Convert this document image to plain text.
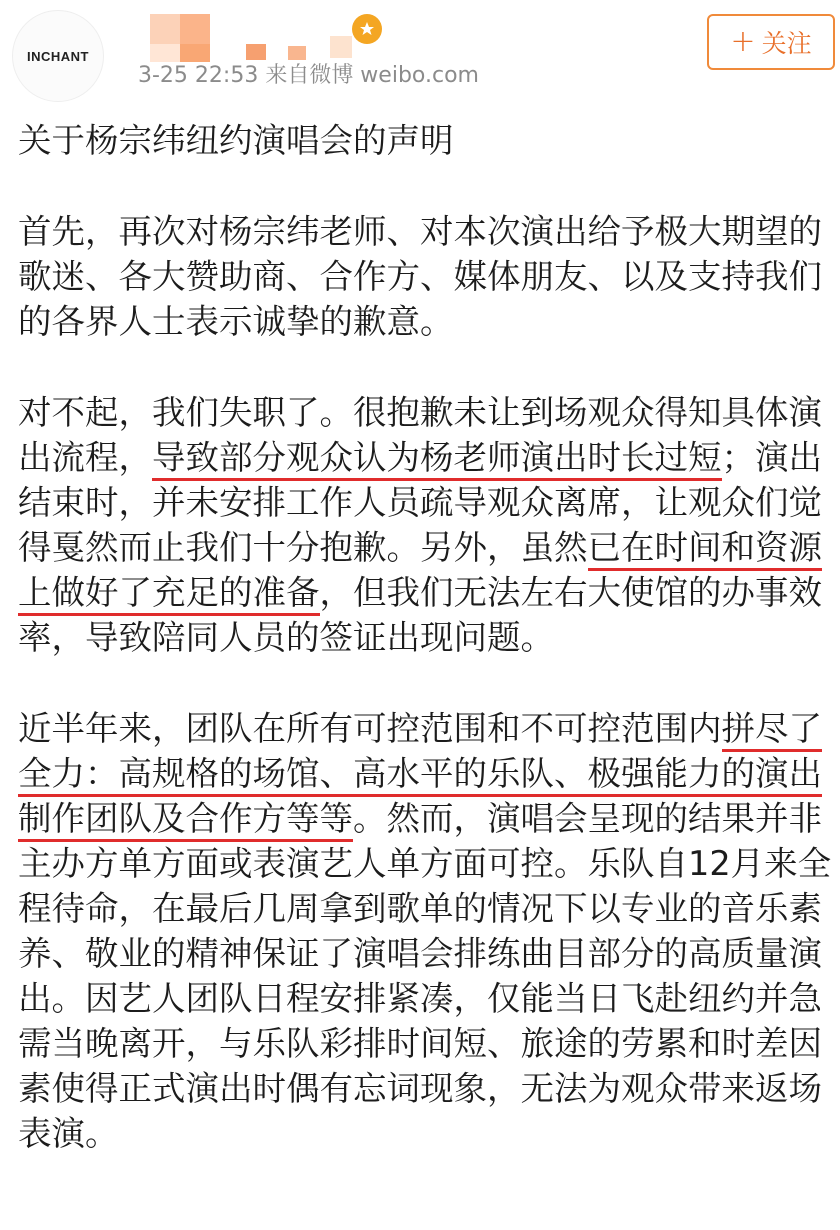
INCHANT
3-25 22:53 来自微博 weibo.com
+ 关注

关于杨宗纬纽约演唱会的声明

首先，再次对杨宗纬老师、对本次演出给予极大期望的歌迷、各大赞助商、合作方、媒体朋友、以及支持我们的各界人士表示诚挚的歉意。

对不起，我们失职了。很抱歉未让到场观众得知具体演出流程，导致部分观众认为杨老师演出时长过短；演出结束时，并未安排工作人员疏导观众离席，让观众们觉得戛然而止我们十分抱歉。另外，虽然已在时间和资源上做好了充足的准备，但我们无法左右大使馆的办事效率，导致陪同人员的签证出现问题。

近半年来，团队在所有可控范围和不可控范围内拼尽了全力：高规格的场馆、高水平的乐队、极强能力的演出制作团队及合作方等等。然而，演唱会呈现的结果并非主办方单方面或表演艺人单方面可控。乐队自12月来全程待命，在最后几周拿到歌单的情况下以专业的音乐素养、敬业的精神保证了演唱会排练曲目部分的高质量演出。因艺人团队日程安排紧凑，仅能当日飞赴纽约并急需当晚离开，与乐队彩排时间短、旅途的劳累和时差因素使得正式演出时偶有忘词现象，无法为观众带来返场表演。
